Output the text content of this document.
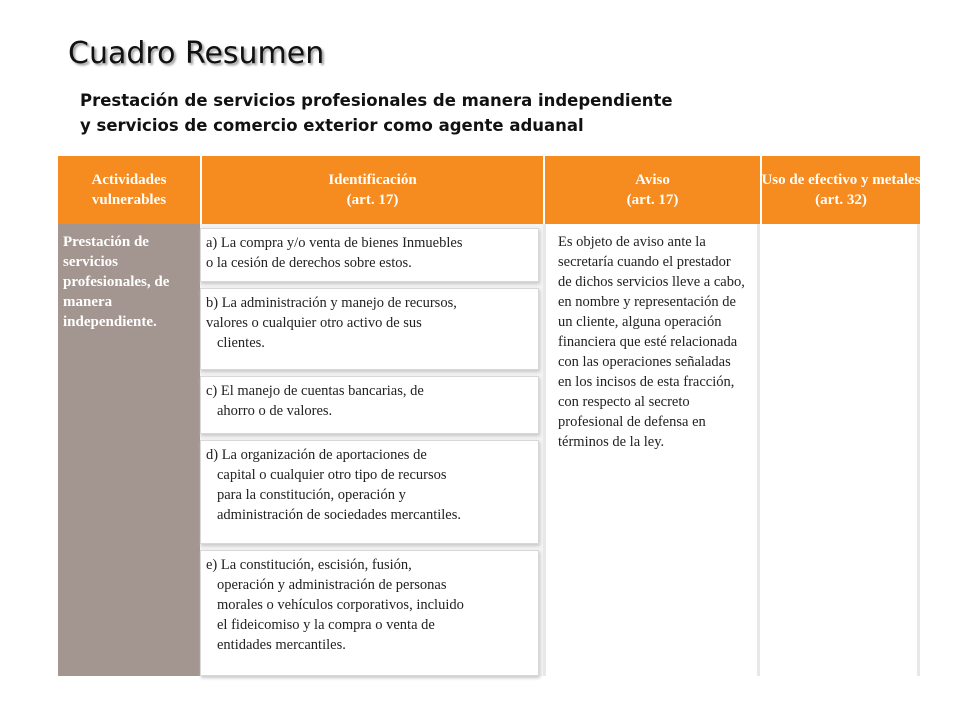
Cuadro Resumen
Prestación de servicios profesionales de manera independiente
y servicios de comercio exterior como agente aduanal
Actividades
vulnerables
Identificación
(art. 17)
Aviso
(art. 17)
Uso de efectivo y metales
(art. 32)
Prestación de
servicios
profesionales, de
manera
independiente.
a) La compra y/o venta de bienes Inmuebles
o la cesión de derechos sobre estos.
b) La administración y manejo de recursos,
valores o cualquier otro activo de sus
clientes.
c) El manejo de cuentas bancarias, de
ahorro o de valores.
d) La organización de aportaciones de
capital o cualquier otro tipo de recursos
para la constitución, operación y
administración de sociedades mercantiles.
e) La constitución, escisión, fusión,
operación y administración de personas
morales o vehículos corporativos, incluido
el fideicomiso y la compra o venta de
entidades mercantiles.
Es objeto de aviso ante la
secretaría cuando el prestador
de dichos servicios lleve a cabo,
en nombre y representación de
un cliente, alguna operación
financiera que esté relacionada
con las operaciones señaladas
en los incisos de esta fracción,
con respecto al secreto
profesional de defensa en
términos de la ley.
